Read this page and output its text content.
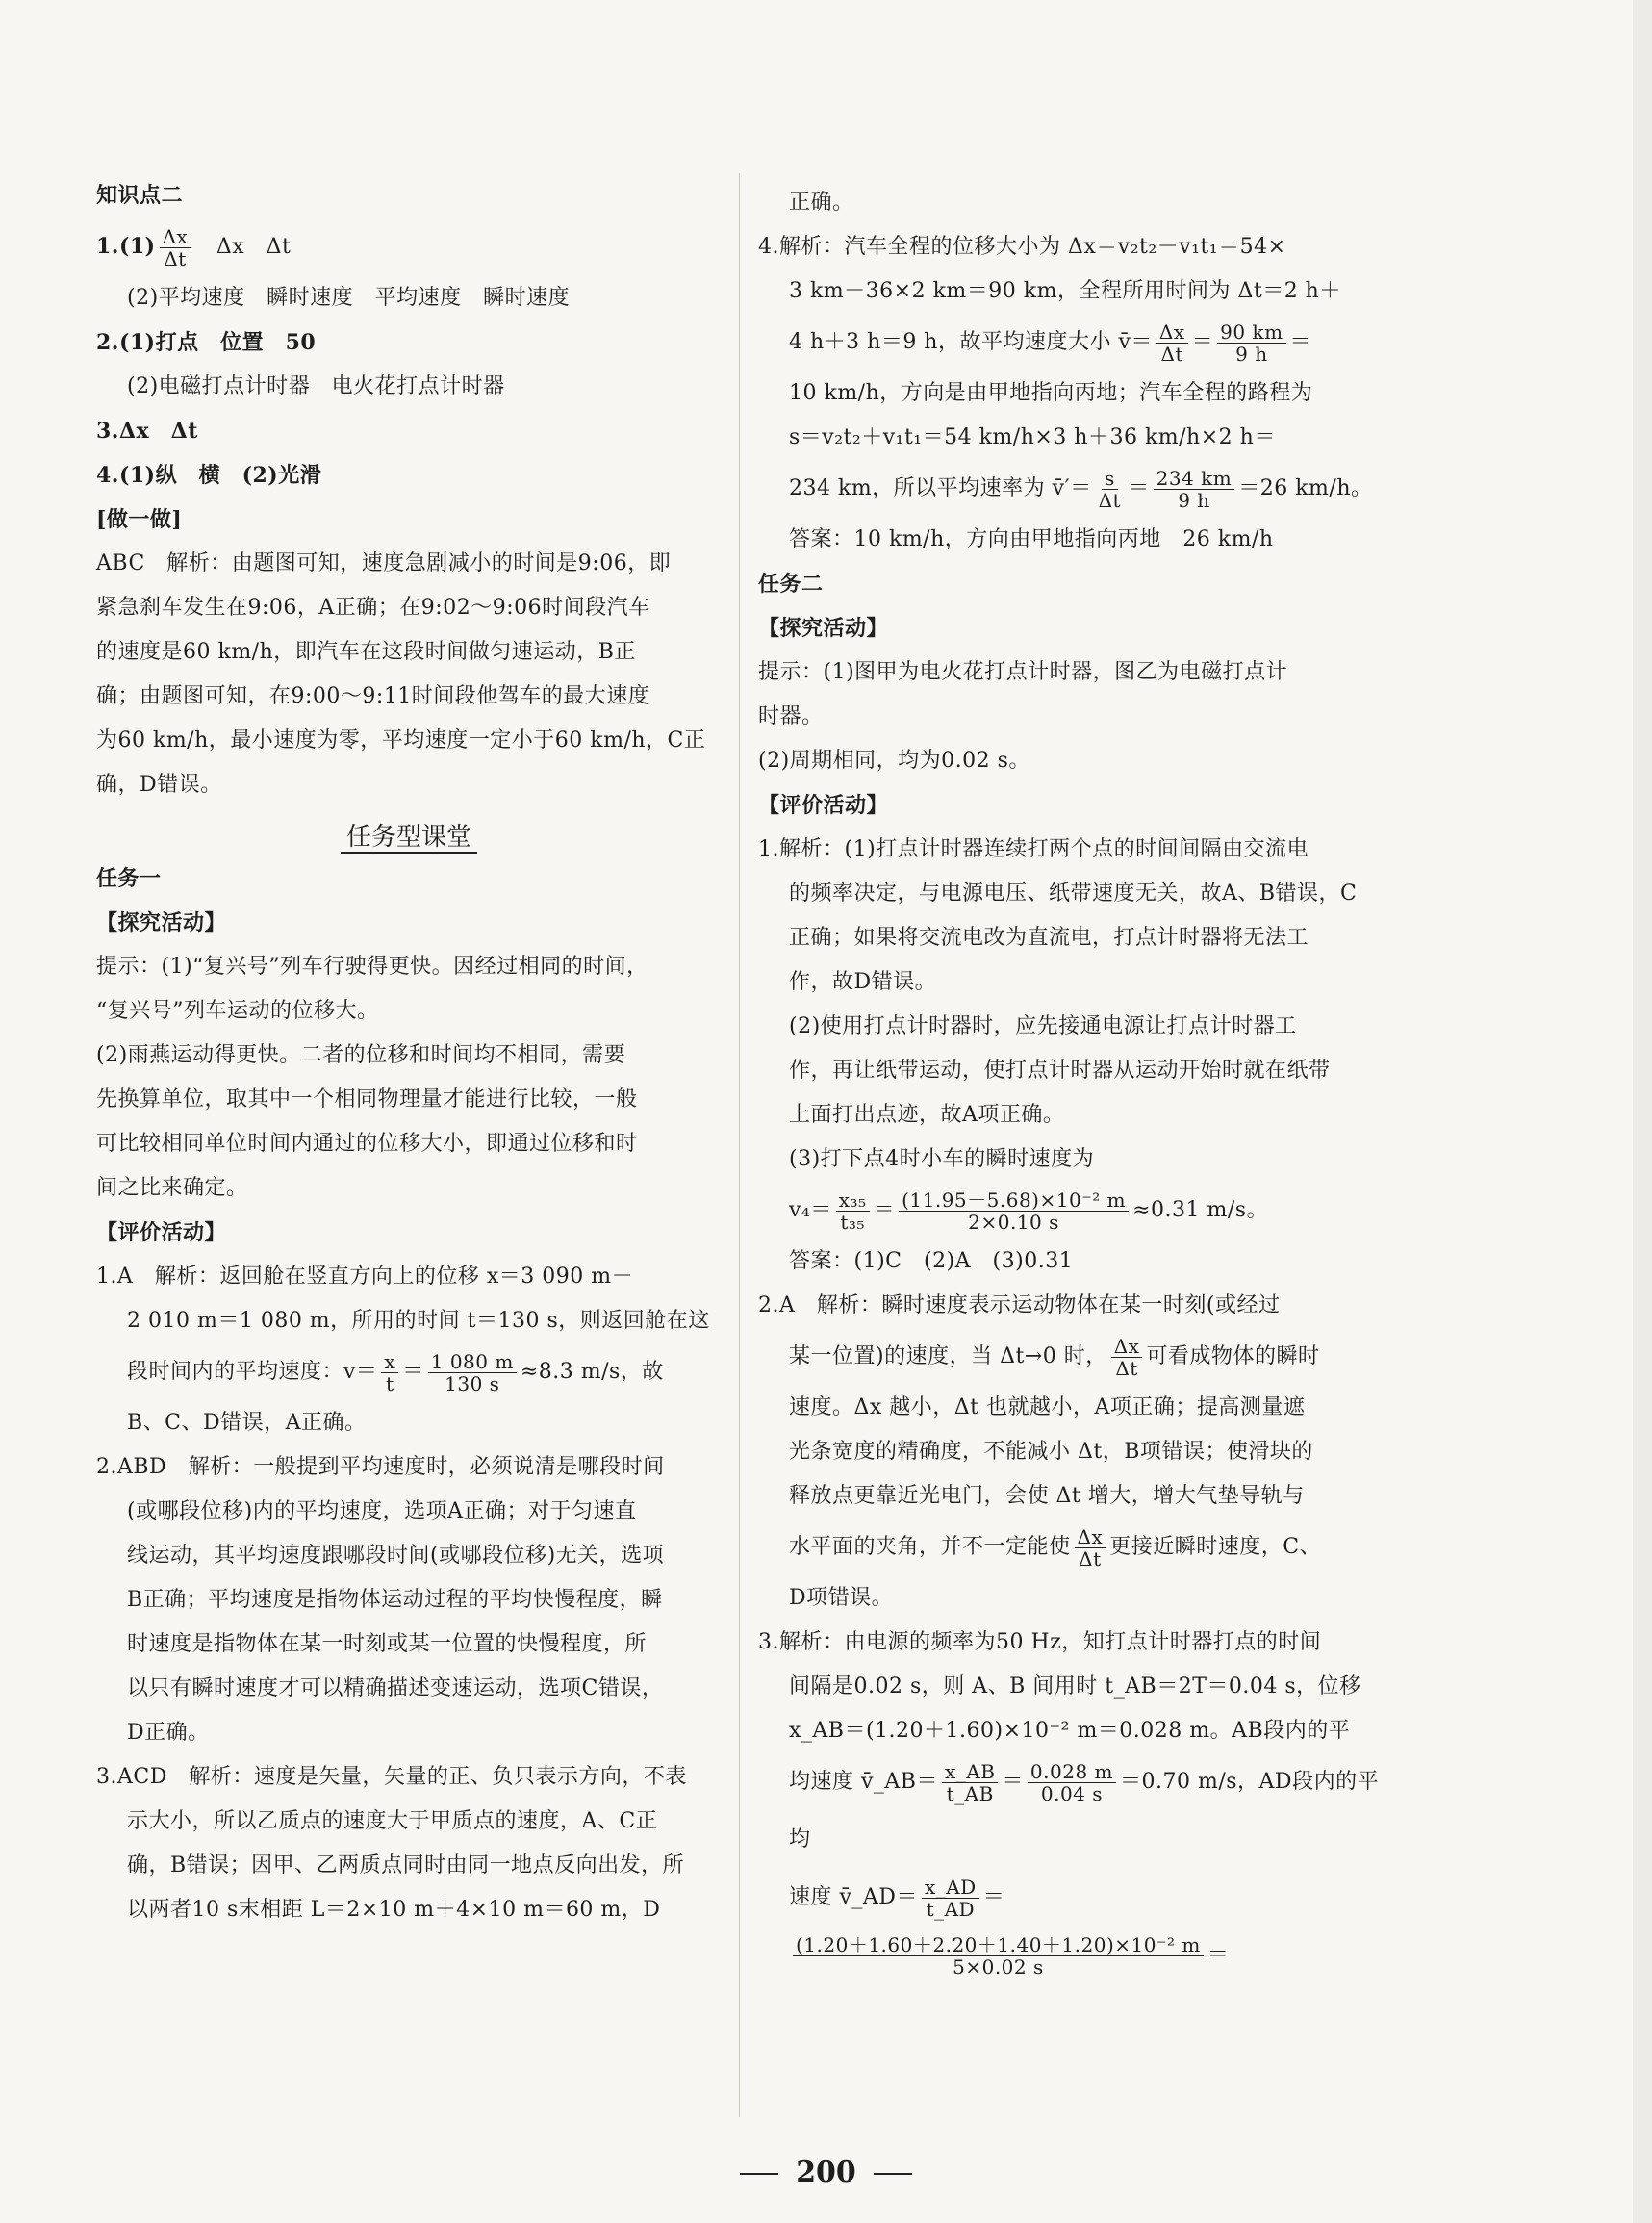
知识点二

$1.(1) \frac{\Delta x}{\Delta t}$
　 Δx　Δt

(2)平均速度　瞬时速度　平均速度　瞬时速度

2.(1)打点　位置　50

(2)电磁打点计时器　电火花打点计时器

3.Δx　Δt

4.(1)纵　横　(2)光滑

[做一做]

ABC　解析：由题图可知，速度急剧减小的时间是9:06，即

紧急刹车发生在9:06，A正确；在9:02～9:06时间段汽车

的速度是60 km/h，即汽车在这段时间做匀速运动，B正

确；由题图可知，在9:00～9:11时间段他驾车的最大速度

为60 km/h，最小速度为零，平均速度一定小于60 km/h，C正

确，D错误。

任务型课堂

任务一

【探究活动】

提示：(1)“复兴号”列车行驶得更快。因经过相同的时间，

“复兴号”列车运动的位移大。

(2)雨燕运动得更快。二者的位移和时间均不相同，需要

先换算单位，取其中一个相同物理量才能进行比较，一般

可比较相同单位时间内通过的位移大小，即通过位移和时

间之比来确定。

【评价活动】

1.A　解析：返回舱在竖直方向上的位移 x＝3 090 m－

2 010 m＝1 080 m，所用的时间 t＝130 s，则返回舱在这

段时间内的平均速度：$v= \frac{x}{t} = \frac{1 080 m}{130 s} \approx 8.3$ m/s，故

B、C、D错误，A正确。

2.ABD　解析：一般提到平均速度时，必须说清是哪段时间

(或哪段位移)内的平均速度，选项A正确；对于匀速直

线运动，其平均速度跟哪段时间(或哪段位移)无关，选项

B正确；平均速度是指物体运动过程的平均快慢程度，瞬

时速度是指物体在某一时刻或某一位置的快慢程度，所

以只有瞬时速度才可以精确描述变速运动，选项C错误，

D正确。

3.ACD　解析：速度是矢量，矢量的正、负只表示方向，不表

示大小，所以乙质点的速度大于甲质点的速度，A、C正

确，B错误；因甲、乙两质点同时由同一地点反向出发，所

以两者10 s末相距 L＝2×10 m＋4×10 m＝60 m，D

正确。

4.解析：汽车全程的位移大小为 Δx＝v₂t₂－v₁t₁＝54×

3 km－36×2 km＝90 km，全程所用时间为 Δt＝2 h＋

4 h＋3 h＝9 h，故平均速度大小 v̄＝ $\frac{\Delta x}{\Delta t} = \frac{90 km}{9 h}$ ＝

10 km/h，方向是由甲地指向丙地；汽车全程的路程为

s＝v₂t₂＋v₁t₁＝54 km/h×3 h＋36 km/h×2 h＝

234 km，所以平均速率为 v̄′＝ $\frac{s}{\Delta t} = \frac{234 km}{9 h} =26$ km/h。

答案：10 km/h，方向由甲地指向丙地　26 km/h

任务二

【探究活动】

提示：(1)图甲为电火花打点计时器，图乙为电磁打点计

时器。

(2)周期相同，均为0.02 s。

【评价活动】

1.解析：(1)打点计时器连续打两个点的时间间隔由交流电

的频率决定，与电源电压、纸带速度无关，故A、B错误，C

正确；如果将交流电改为直流电，打点计时器将无法工

作，故D错误。

(2)使用打点计时器时，应先接通电源让打点计时器工

作，再让纸带运动，使打点计时器从运动开始时就在纸带

上面打出点迹，故A项正确。

(3)打下点4时小车的瞬时速度为

$v_4= \frac{\text{x₃₅}}{\text{t₃₅}} = \frac{\text{(11.95－5.68)×10⁻² m}}{2\times 0.10 s} \approx 0.31$ m/s。

答案：(1)C　(2)A　(3)0.31

2.A　解析：瞬时速度表示运动物体在某一时刻(或经过

某一位置)的速度，当 Δt→0 时， $\frac{\Delta x}{\Delta t}$ 可看成物体的瞬时

速度。Δx 越小，Δt 也就越小，A项正确；提高测量遮

光条宽度的精确度，不能减小 Δt，B项错误；使滑块的

释放点更靠近光电门，会使 Δt 增大，增大气垫导轨与

水平面的夹角，并不一定能使 $\frac{\Delta x}{\Delta t}$ 更接近瞬时速度，C、

D项错误。

3.解析：由电源的频率为50 Hz，知打点计时器打点的时间

间隔是0.02 s，则 A、B 间用时 t_AB＝2T＝0.04 s，位移

x_AB＝(1.20＋1.60)×10⁻² m＝0.028 m。AB段内的平

均速度 v̄_AB＝ $\frac{x\_AB}{t\_AB} = \frac{0.028 m}{0.04 s} =0.70$ m/s，AD段内的平均

速度 v̄_AD＝ $\frac{x\_AD}{t\_AD}$ ＝
$\frac{\text{(1.20＋1.60＋2.20＋1.40＋1.20)×10⁻² m}}{5\times 0.02 s}$ ＝

200
